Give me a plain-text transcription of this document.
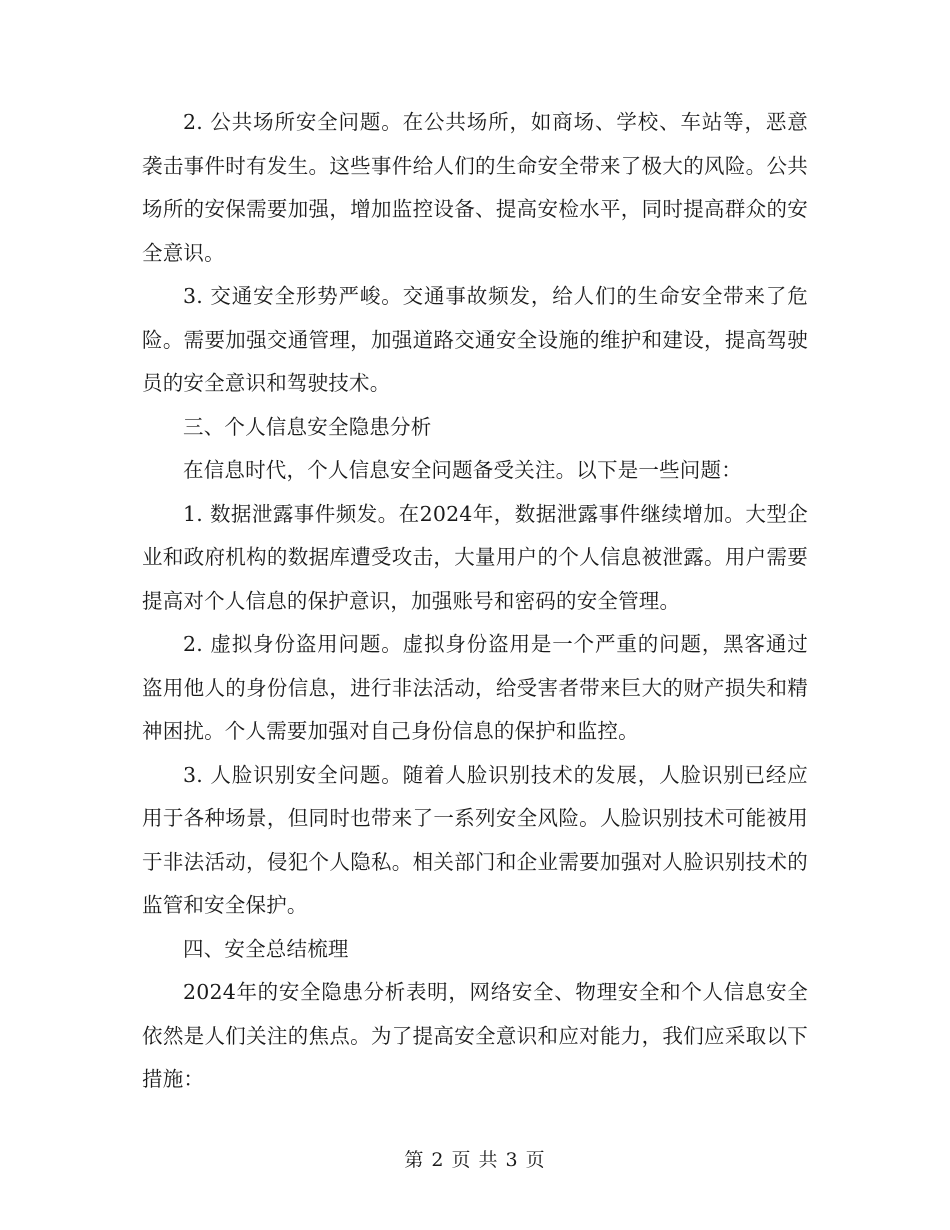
2. 公共场所安全问题。在公共场所，如商场、学校、车站等，恶意袭击事件时有发生。这些事件给人们的生命安全带来了极大的风险。公共场所的安保需要加强，增加监控设备、提高安检水平，同时提高群众的安全意识。

3. 交通安全形势严峻。交通事故频发，给人们的生命安全带来了危险。需要加强交通管理，加强道路交通安全设施的维护和建设，提高驾驶员的安全意识和驾驶技术。

三、个人信息安全隐患分析

在信息时代，个人信息安全问题备受关注。以下是一些问题：

1. 数据泄露事件频发。在2024年，数据泄露事件继续增加。大型企业和政府机构的数据库遭受攻击，大量用户的个人信息被泄露。用户需要提高对个人信息的保护意识，加强账号和密码的安全管理。

2. 虚拟身份盗用问题。虚拟身份盗用是一个严重的问题，黑客通过盗用他人的身份信息，进行非法活动，给受害者带来巨大的财产损失和精神困扰。个人需要加强对自己身份信息的保护和监控。

3. 人脸识别安全问题。随着人脸识别技术的发展，人脸识别已经应用于各种场景，但同时也带来了一系列安全风险。人脸识别技术可能被用于非法活动，侵犯个人隐私。相关部门和企业需要加强对人脸识别技术的监管和安全保护。

四、安全总结梳理

2024年的安全隐患分析表明，网络安全、物理安全和个人信息安全依然是人们关注的焦点。为了提高安全意识和应对能力，我们应采取以下措施：

第 2 页 共 3 页
